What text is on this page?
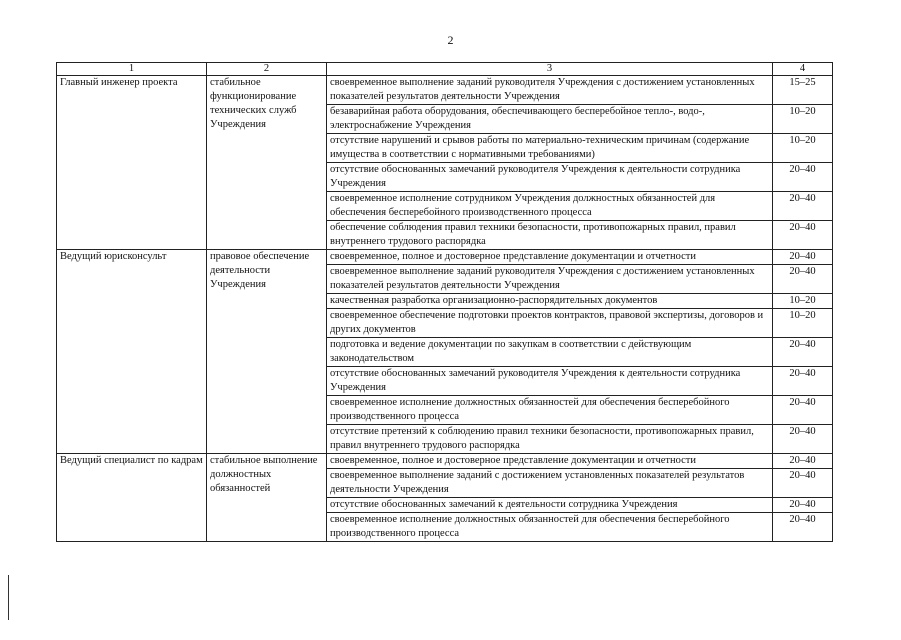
2
1	2	3	4
Главный инженер проекта	стабильное функционирование технических служб Учреждения	своевременное выполнение заданий руководителя Учреждения с достижением установленных показателей результатов деятельности Учреждения	15–25
		безаварийная работа оборудования, обеспечивающего бесперебойное тепло-, водо-, электроснабжение Учреждения	10–20
		отсутствие нарушений и срывов работы по материально-техническим причинам (содержание имущества в соответствии с нормативными требованиями)	10–20
		отсутствие обоснованных замечаний руководителя Учреждения к деятельности сотрудника Учреждения	20–40
		своевременное исполнение сотрудником Учреждения должностных обязанностей для обеспечения бесперебойного производственного процесса	20–40
		обеспечение соблюдения правил техники безопасности, противопожарных правил, правил внутреннего трудового распорядка	20–40
Ведущий юрисконсульт	правовое обеспечение деятельности Учреждения	своевременное, полное и достоверное представление документации и отчетности	20–40
		своевременное выполнение заданий руководителя Учреждения с достижением установленных показателей результатов деятельности Учреждения	20–40
		качественная разработка организационно-распорядительных документов	10–20
		своевременное обеспечение подготовки проектов контрактов, правовой экспертизы, договоров и других документов	10–20
		подготовка и ведение документации по закупкам в соответствии с действующим законодательством	20–40
		отсутствие обоснованных замечаний руководителя Учреждения к деятельности сотрудника Учреждения	20–40
		своевременное исполнение должностных обязанностей для обеспечения бесперебойного производственного процесса	20–40
		отсутствие претензий к соблюдению правил техники безопасности, противопожарных правил, правил внутреннего трудового распорядка	20–40
Ведущий специалист по кадрам	стабильное выполнение должностных обязанностей	своевременное, полное и достоверное представление документации и отчетности	20–40
		своевременное выполнение заданий с достижением установленных показателей результатов деятельности Учреждения	20–40
		отсутствие обоснованных замечаний к деятельности сотрудника Учреждения	20–40
		своевременное исполнение должностных обязанностей для обеспечения бесперебойного производственного процесса	20–40
